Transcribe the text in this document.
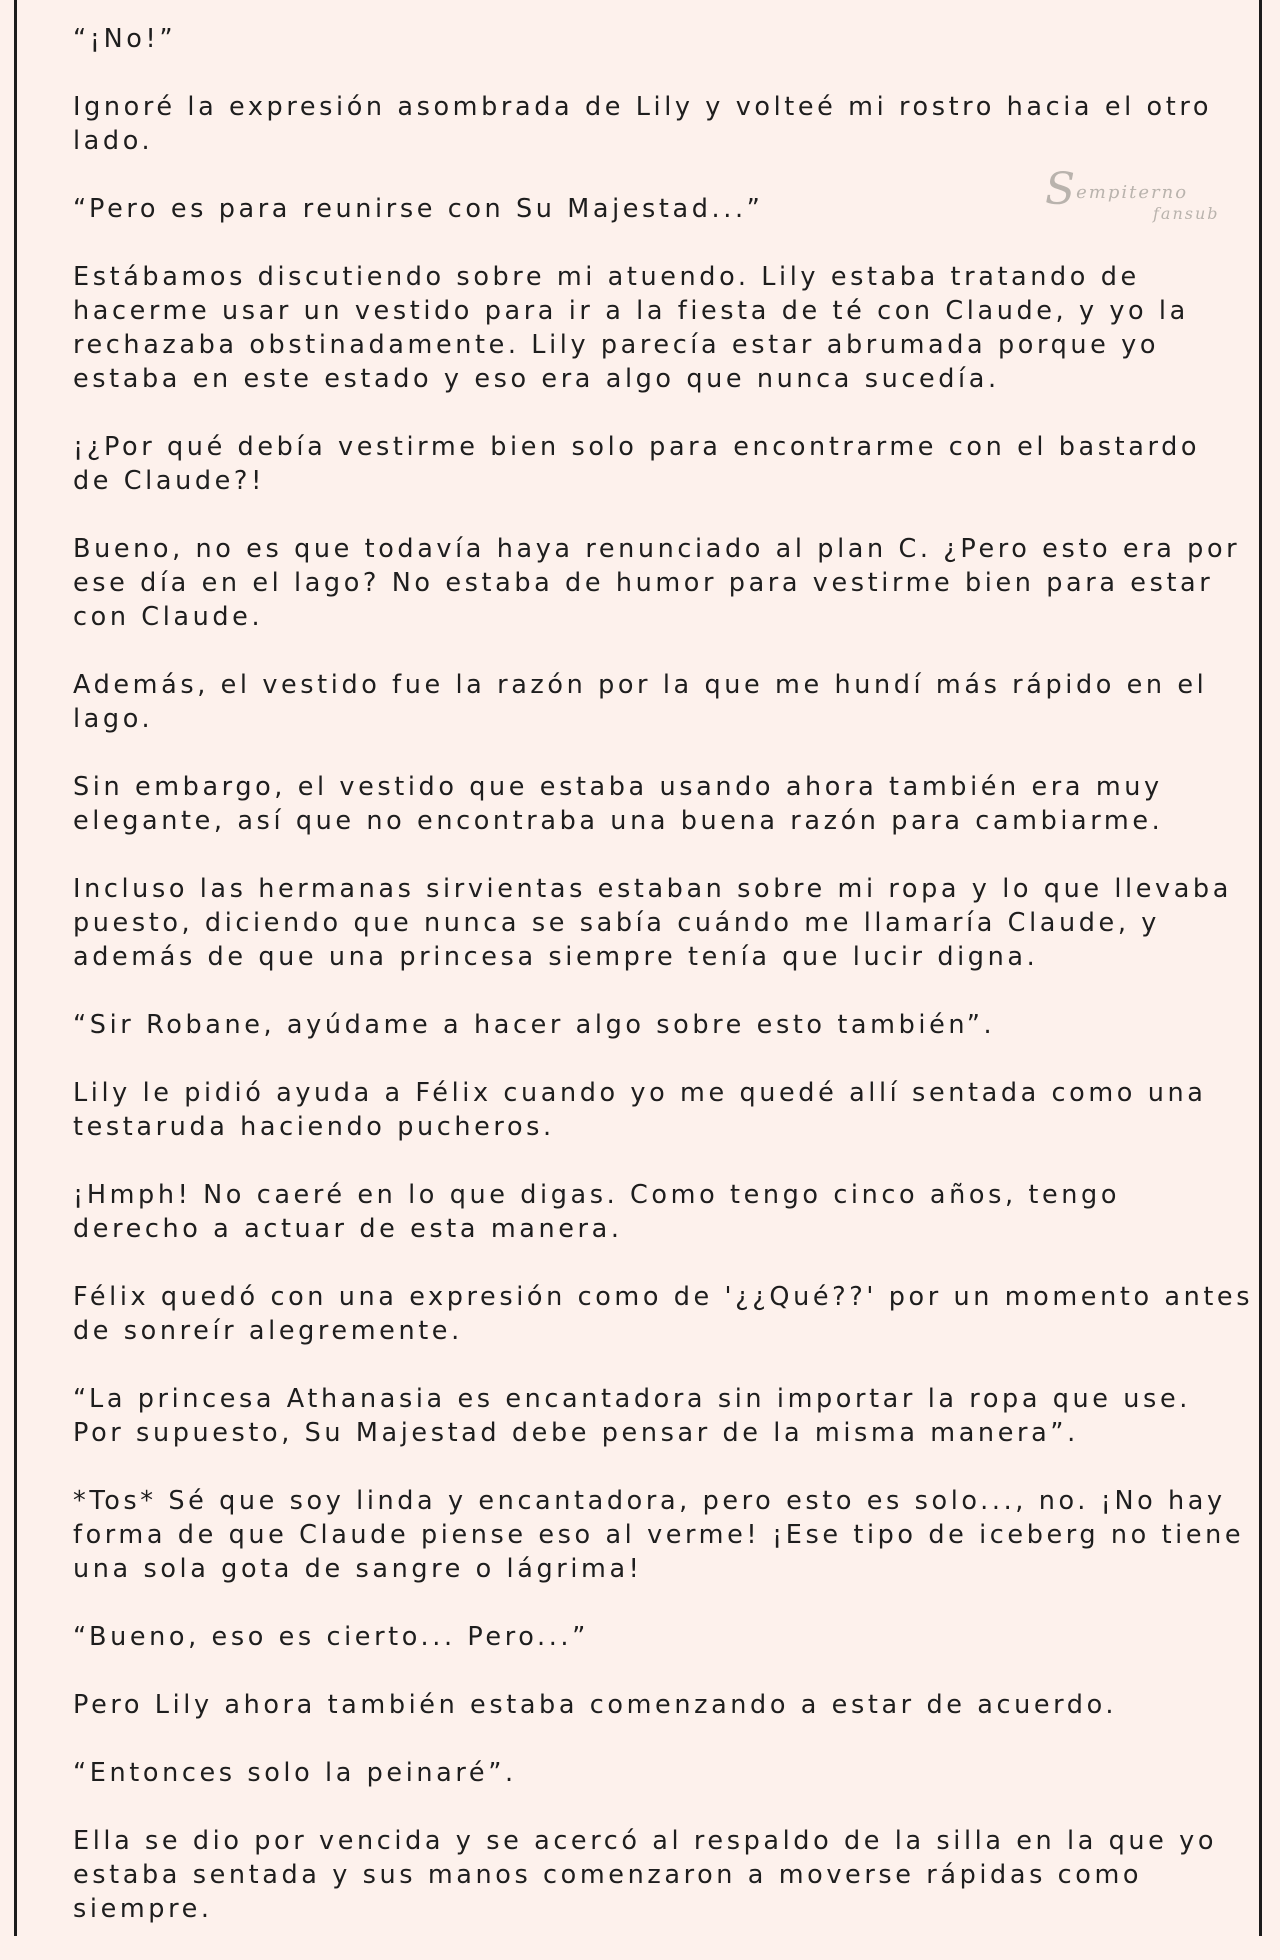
Sempiterno
fansub

“¡No!”

Ignoré la expresión asombrada de Lily y volteé mi rostro hacia el otro
lado.

“Pero es para reunirse con Su Majestad...”

Estábamos discutiendo sobre mi atuendo. Lily estaba tratando de
hacerme usar un vestido para ir a la fiesta de té con Claude, y yo la
rechazaba obstinadamente. Lily parecía estar abrumada porque yo
estaba en este estado y eso era algo que nunca sucedía.

¡¿Por qué debía vestirme bien solo para encontrarme con el bastardo
de Claude?!

Bueno, no es que todavía haya renunciado al plan C. ¿Pero esto era por
ese día en el lago? No estaba de humor para vestirme bien para estar
con Claude.

Además, el vestido fue la razón por la que me hundí más rápido en el
lago.

Sin embargo, el vestido que estaba usando ahora también era muy
elegante, así que no encontraba una buena razón para cambiarme.

Incluso las hermanas sirvientas estaban sobre mi ropa y lo que llevaba
puesto, diciendo que nunca se sabía cuándo me llamaría Claude, y
además de que una princesa siempre tenía que lucir digna.

“Sir Robane, ayúdame a hacer algo sobre esto también”.

Lily le pidió ayuda a Félix cuando yo me quedé allí sentada como una
testaruda haciendo pucheros.

¡Hmph! No caeré en lo que digas. Como tengo cinco años, tengo
derecho a actuar de esta manera.

Félix quedó con una expresión como de '¿¿Qué??' por un momento antes
de sonreír alegremente.

“La princesa Athanasia es encantadora sin importar la ropa que use.
Por supuesto, Su Majestad debe pensar de la misma manera”.

*Tos* Sé que soy linda y encantadora, pero esto es solo..., no. ¡No hay
forma de que Claude piense eso al verme! ¡Ese tipo de iceberg no tiene
una sola gota de sangre o lágrima!

“Bueno, eso es cierto... Pero...”

Pero Lily ahora también estaba comenzando a estar de acuerdo.

“Entonces solo la peinaré”.

Ella se dio por vencida y se acercó al respaldo de la silla en la que yo
estaba sentada y sus manos comenzaron a moverse rápidas como
siempre.
